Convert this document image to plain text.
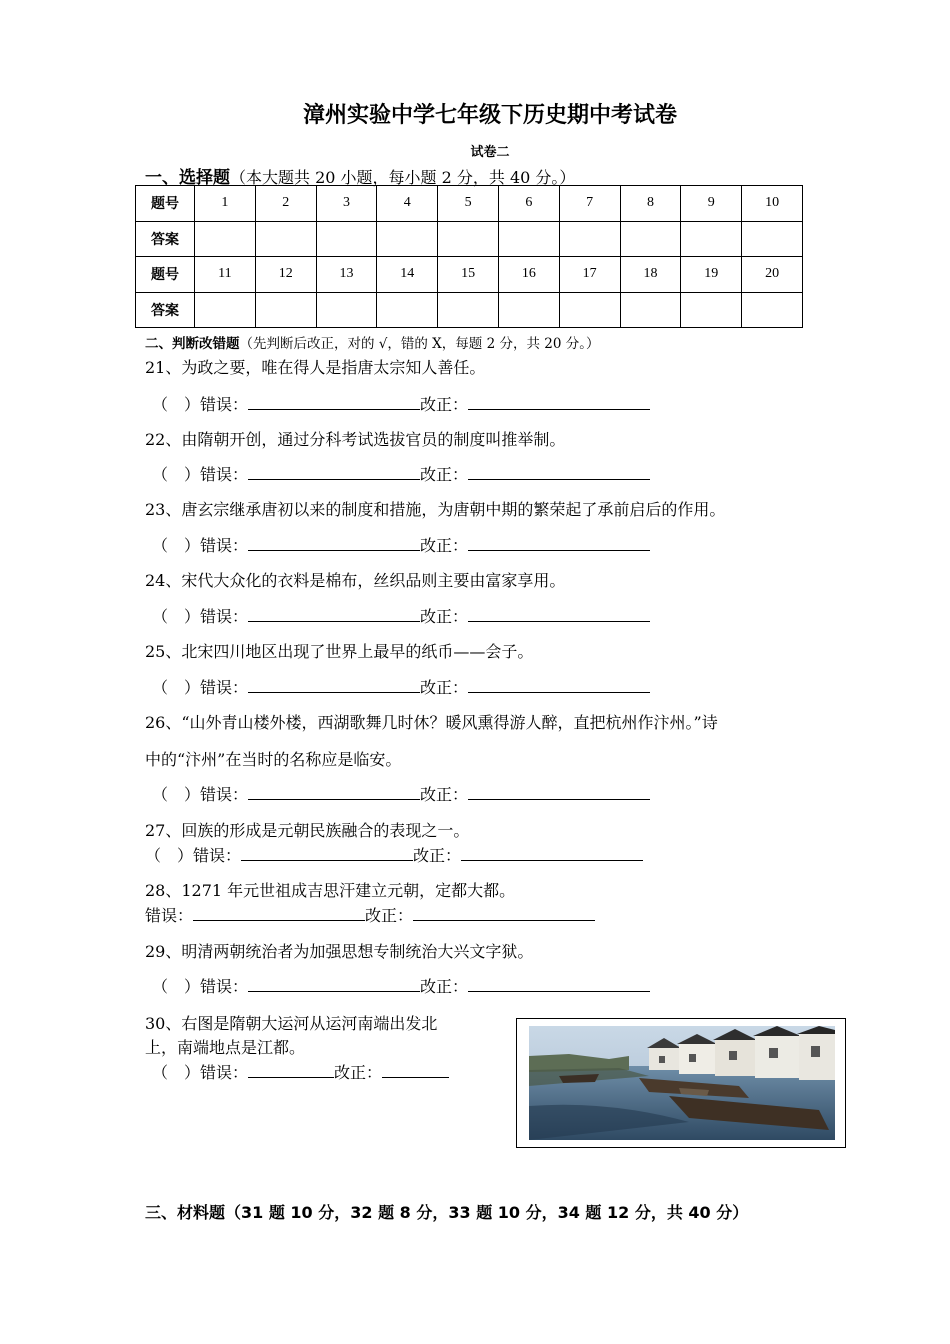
漳州实验中学七年级下历史期中考试卷
试卷二
一、选择题（本大题共 20 小题，每小题 2 分，共 40 分。）
题号	1	2	3	4	5	6	7	8	9	10
答案										
题号	11	12	13	14	15	16	17	18	19	20
答案										
二、判断改错题（先判断后改正，对的 √，错的 X，每题 2 分，共 20 分。）
21、为政之要，唯在得人是指唐太宗知人善任。
（　）错误：	改正：
22、由隋朝开创，通过分科考试选拔官员的制度叫推举制。
（　）错误：	改正：
23、唐玄宗继承唐初以来的制度和措施，为唐朝中期的繁荣起了承前启后的作用。
（　）错误：	改正：
24、宋代大众化的衣料是棉布，丝织品则主要由富家享用。
（　）错误：	改正：
25、北宋四川地区出现了世界上最早的纸币——会子。
（　）错误：	改正：
26、“山外青山楼外楼，西湖歌舞几时休？暖风熏得游人醉，直把杭州作汴州。”诗
中的“汴州”在当时的名称应是临安。
（　）错误：	改正：
27、回族的形成是元朝民族融合的表现之一。
（　）错误：	改正：
28、1271 年元世祖成吉思汗建立元朝，定都大都。
错误：	改正：
29、明清两朝统治者为加强思想专制统治大兴文字狱。
（　）错误：	改正：
30、右图是隋朝大运河从运河南端出发北
上，南端地点是江都。
（　）错误：	改正：
三、材料题（31 题 10 分，32 题 8 分，33 题 10 分，34 题 12 分，共 40 分）
